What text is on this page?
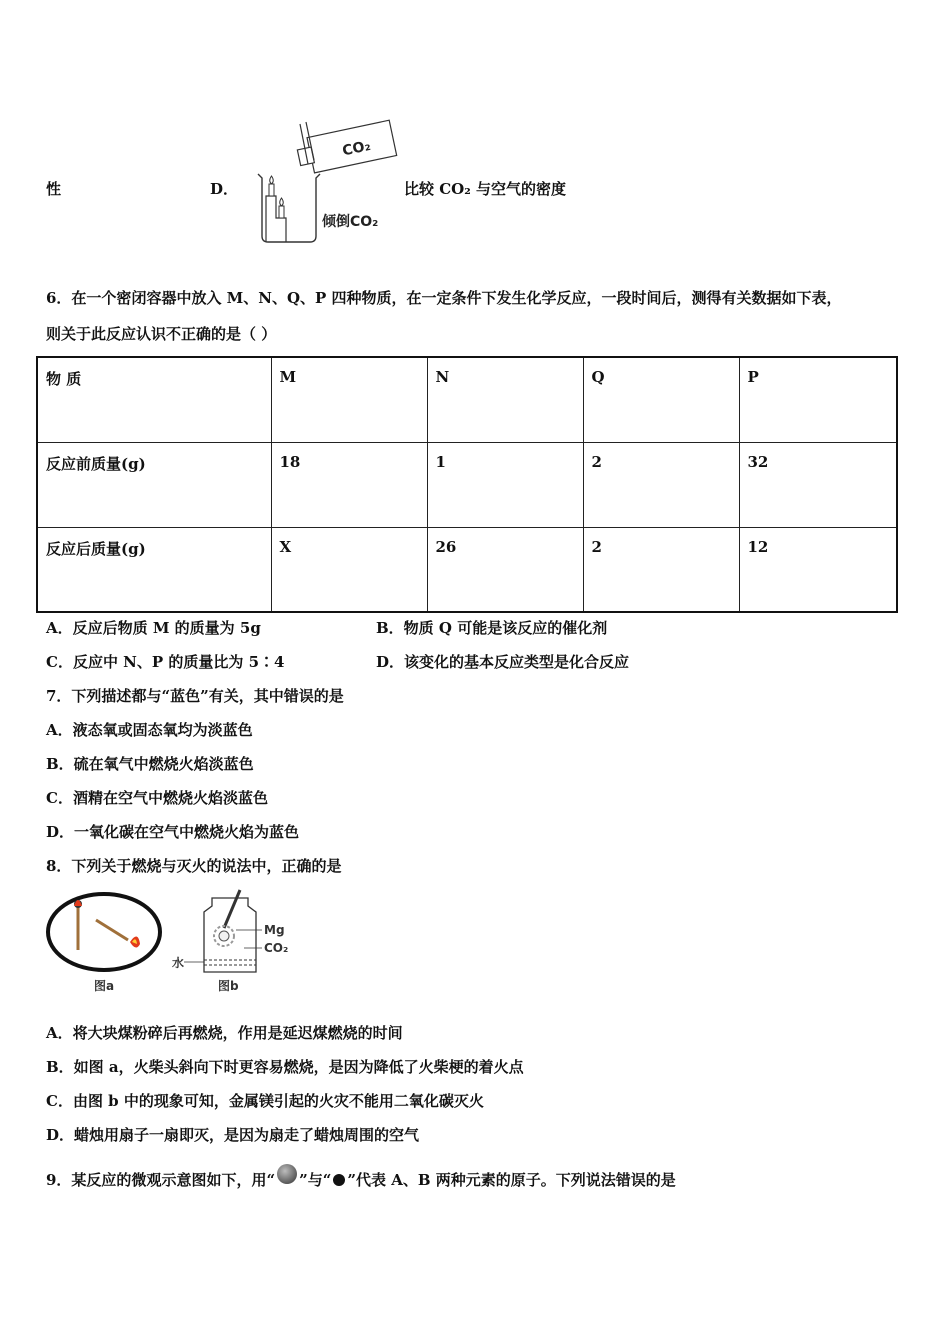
性	D．
CO₂
倾倒CO₂
比较 CO₂ 与空气的密度
6．在一个密闭容器中放入 M、N、Q、P 四种物质，在一定条件下发生化学反应，一段时间后，测得有关数据如下表，
则关于此反应认识不正确的是（ ）
物 质	M	N	Q	P
反应前质量(g)	18	1	2	32
反应后质量(g)	X	26	2	12
A．反应后物质 M 的质量为 5g	B．物质 Q 可能是该反应的催化剂
C．反应中 N、P 的质量比为 5∶4	D．该变化的基本反应类型是化合反应
7．下列描述都与“蓝色”有关，其中错误的是
A．液态氧或固态氧均为淡蓝色
B．硫在氧气中燃烧火焰淡蓝色
C．酒精在空气中燃烧火焰淡蓝色
D．一氧化碳在空气中燃烧火焰为蓝色
8．下列关于燃烧与灭火的说法中，正确的是
图a
Mg
CO₂
水
图b
A．将大块煤粉碎后再燃烧，作用是延迟煤燃烧的时间
B．如图 a，火柴头斜向下时更容易燃烧，是因为降低了火柴梗的着火点
C．由图 b 中的现象可知，金属镁引起的火灾不能用二氧化碳灭火
D．蜡烛用扇子一扇即灭，是因为扇走了蜡烛周围的空气
9．某反应的微观示意图如下，用“ ”与“ ”代表 A、B 两种元素的原子。下列说法错误的是
